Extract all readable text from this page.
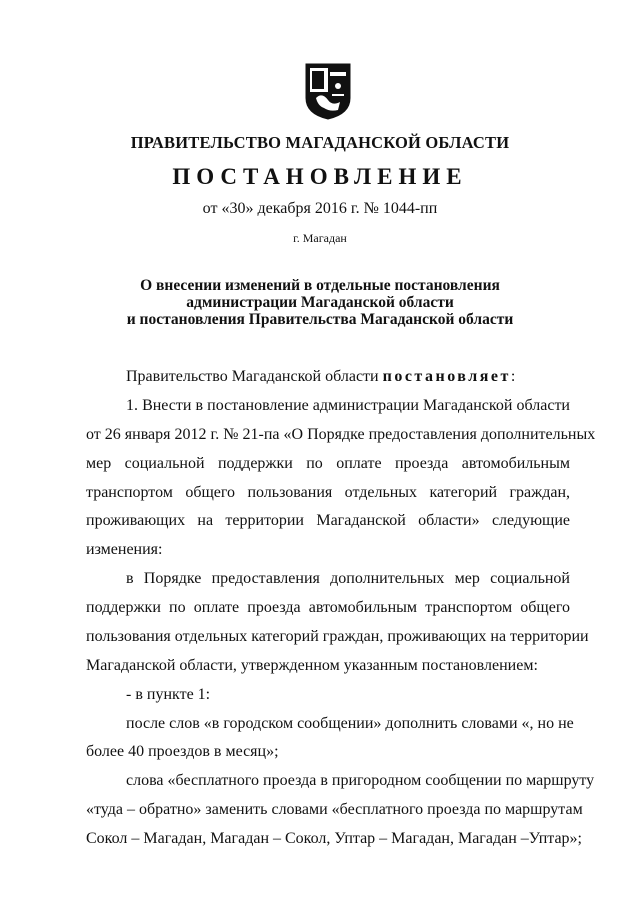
ПРАВИТЕЛЬСТВО МАГАДАНСКОЙ ОБЛАСТИ
ПОСТАНОВЛЕНИЕ
от «30» декабря 2016 г. № 1044-пп
г. Магадан
О внесении изменений в отдельные постановления
администрации Магаданской области
и постановления Правительства Магаданской области
Правительство Магаданской области постановляет:
1. Внести в постановление администрации Магаданской области
от 26 января 2012 г. № 21-па «О Порядке предоставления дополнительных
мер социальной поддержки по оплате проезда автомобильным
транспортом общего пользования отдельных категорий граждан,
проживающих на территории Магаданской области» следующие
изменения:
в Порядке предоставления дополнительных мер социальной
поддержки по оплате проезда автомобильным транспортом общего
пользования отдельных категорий граждан, проживающих на территории
Магаданской области, утвержденном указанным постановлением:
- в пункте 1:
после слов «в городском сообщении» дополнить словами «, но не
более 40 проездов в месяц»;
слова «бесплатного проезда в пригородном сообщении по маршруту
«туда – обратно» заменить словами «бесплатного проезда по маршрутам
Сокол – Магадан, Магадан – Сокол, Уптар – Магадан, Магадан –Уптар»;
